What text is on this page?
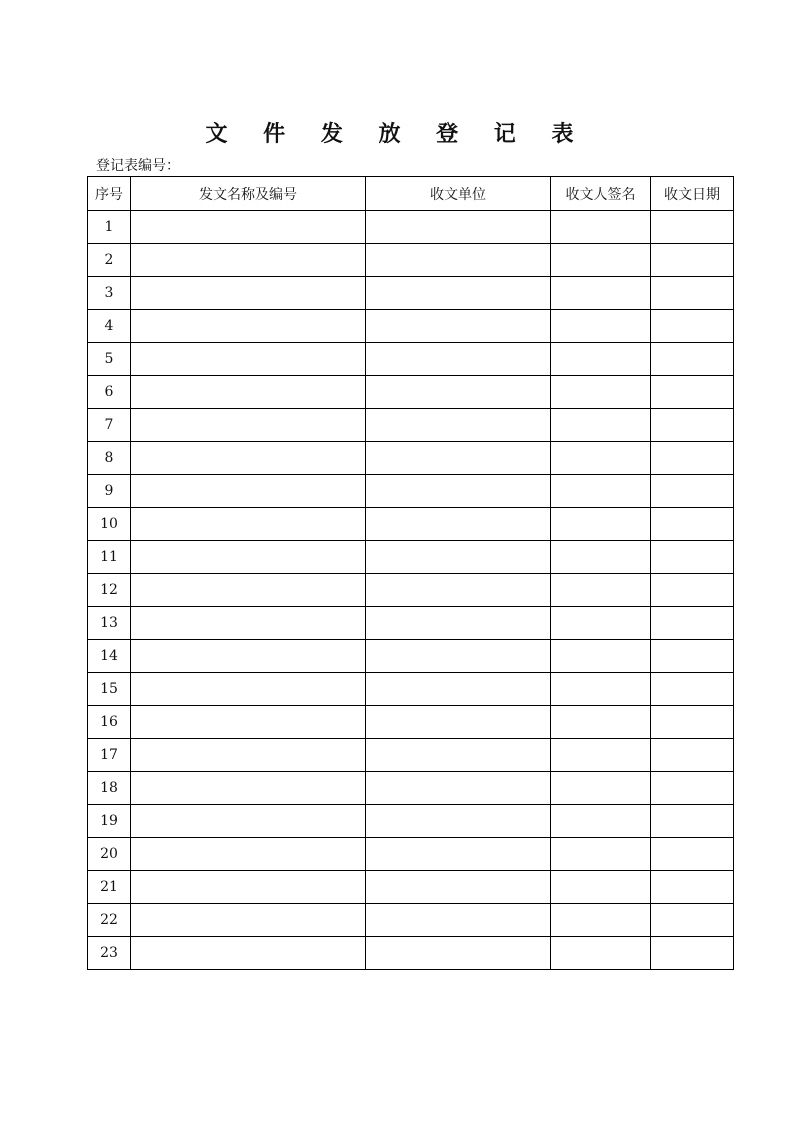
文 件 发 放 登 记 表
登记表编号：
序号	发文名称及编号	收文单位	收文人签名	收文日期
1				
2				
3				
4				
5				
6				
7				
8				
9				
10				
11				
12				
13				
14				
15				
16				
17				
18				
19				
20				
21				
22				
23				
